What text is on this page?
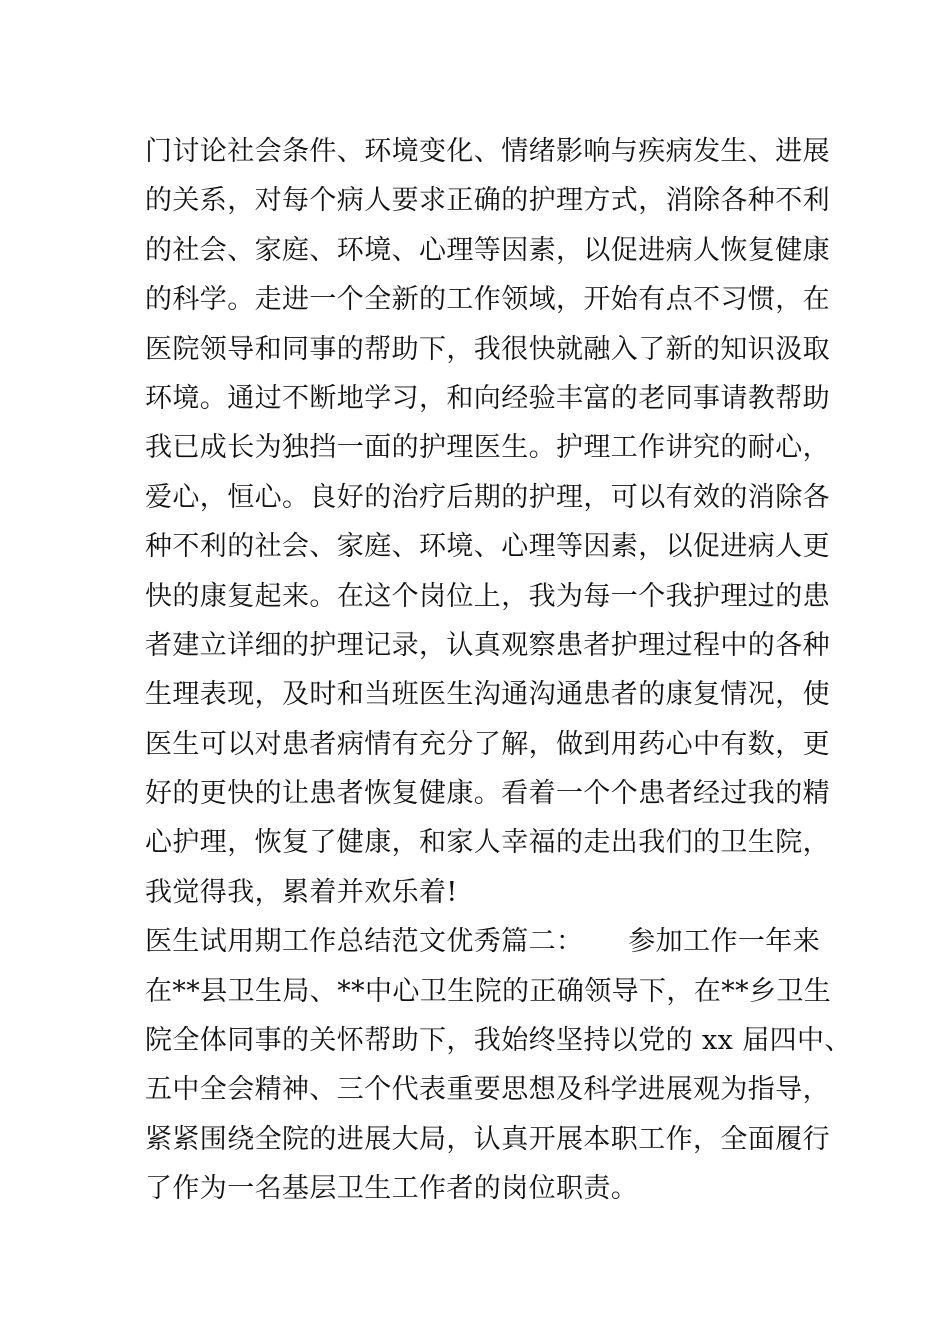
门讨论社会条件、环境变化、情绪影响与疾病发生、进展
的关系，对每个病人要求正确的护理方式，消除各种不利
的社会、家庭、环境、心理等因素，以促进病人恢复健康
的科学。走进一个全新的工作领域，开始有点不习惯，在
医院领导和同事的帮助下，我很快就融入了新的知识汲取
环境。通过不断地学习，和向经验丰富的老同事请教帮助
我已成长为独挡一面的护理医生。护理工作讲究的耐心，
爱心，恒心。良好的治疗后期的护理，可以有效的消除各
种不利的社会、家庭、环境、心理等因素，以促进病人更
快的康复起来。在这个岗位上，我为每一个我护理过的患
者建立详细的护理记录，认真观察患者护理过程中的各种
生理表现，及时和当班医生沟通沟通患者的康复情况，使
医生可以对患者病情有充分了解，做到用药心中有数，更
好的更快的让患者恢复健康。看着一个个患者经过我的精
心护理，恢复了健康，和家人幸福的走出我们的卫生院，
我觉得我，累着并欢乐着!
医生试用期工作总结范文优秀篇二：     参加工作一年来
在**县卫生局、**中心卫生院的正确领导下，在**乡卫生
院全体同事的关怀帮助下，我始终坚持以党的 xx 届四中、
五中全会精神、三个代表重要思想及科学进展观为指导，
紧紧围绕全院的进展大局，认真开展本职工作，全面履行
了作为一名基层卫生工作者的岗位职责。
